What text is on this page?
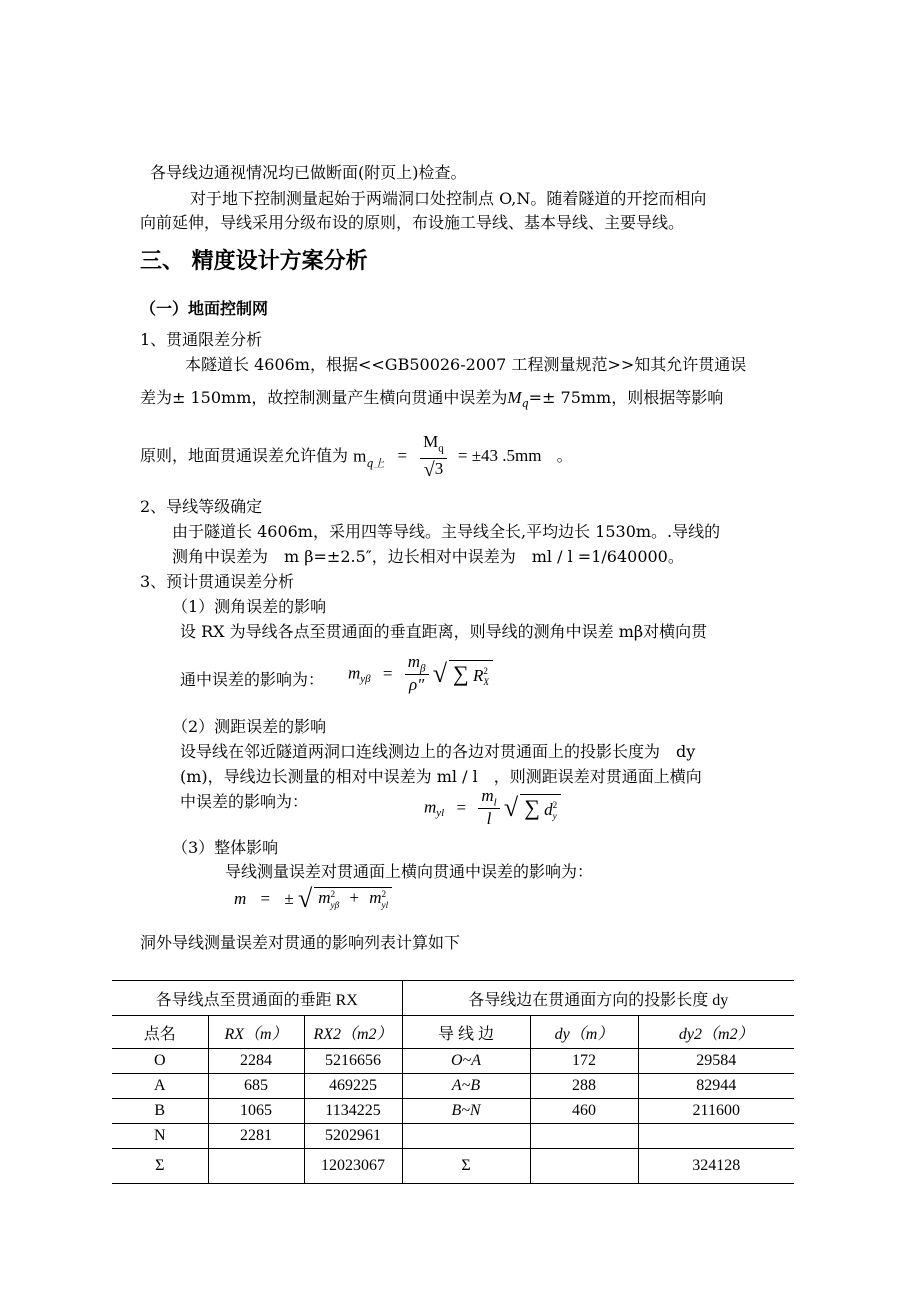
各导线边通视情况均已做断面(附页上)检查。
对于地下控制测量起始于两端洞口处控制点 O,N。随着隧道的开挖而相向
向前延伸，导线采用分级布设的原则，布设施工导线、基本导线、主要导线。
三、 精度设计方案分析
（一）地面控制网
1、贯通限差分析
本隧道长 4606m，根据<<GB50026-2007 工程测量规范>>知其允许贯通误
差为± 150mm，故控制测量产生横向贯通中误差为$M_q=\pm 75mm$，则根据等影响
原则，地面贯通误差允许值为 $m_{q上} = \frac{M_q}{√3} = \pm 43$ .5mm 。
2、导线等级确定
由于隧道长 4606m，采用四等导线。主导线全长,平均边长 1530m。.导线的
测角中误差为　m β=±2.5″，边长相对中误差为　ml / l =1/640000。
3、预计贯通误差分析
（1）测角误差的影响
设 RX 为导线各点至贯通面的垂直距离，则导线的测角中误差 mβ对横向贯
通中误差的影响为： $m_{y\beta} = \frac{m_\beta}{\rho''}$ √ ∑ R 2
X
（2）测距误差的影响
设导线在邻近隧道两洞口连线测边上的各边对贯通面上的投影长度为　dy
(m)，导线边长测量的相对中误差为 ml / l　，则测距误差对贯通面上横向
中误差的影响为：	$m_{yl} = \frac{m_l}{l}$ √ ∑ d 2
y
（3）整体影响
导线测量误差对贯通面上横向贯通中误差的影响为：
m = ± √ m 2
yβ + m 2
yl
洞外导线测量误差对贯通的影响列表计算如下
各导线点至贯通面的垂距 RX			各导线边在贯通面方向的投影长度 dy		
点名	RX（m）	RX2（m2）	导 线 边	dy（m）	dy2（m2）
O	2284	5216656	O~A	172	29584
A	685	469225	A~B	288	82944
B	1065	1134225	B~N	460	211600
N	2281	5202961			
Σ		12023067	Σ		324128
